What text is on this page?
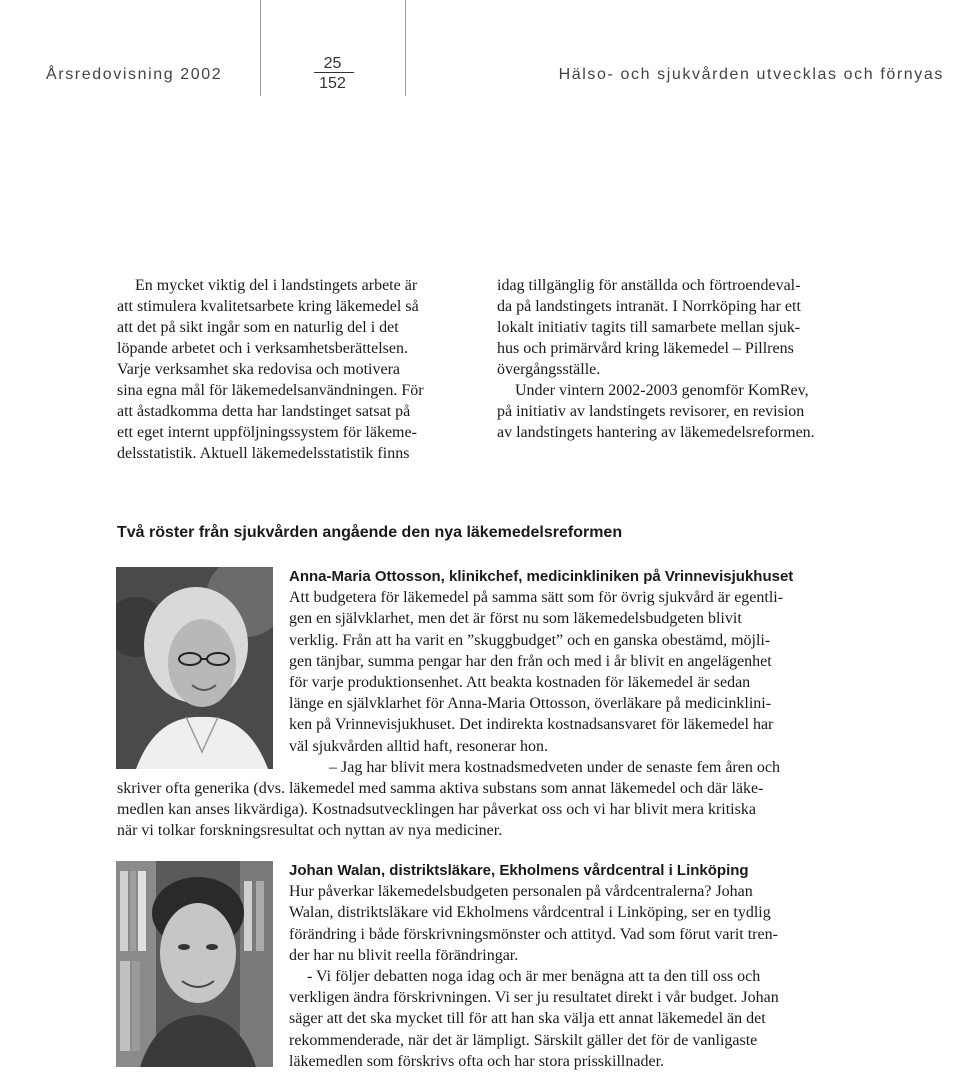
Årsredovisning 2002
25
152
Hälso- och sjukvården utvecklas och förnyas

En mycket viktig del i landstingets arbete är

att stimulera kvalitetsarbete kring läkemedel så

att det på sikt ingår som en naturlig del i det

löpande arbetet och i verksamhetsberättelsen.

Varje verksamhet ska redovisa och motivera

sina egna mål för läkemedelsanvändningen. För

att åstadkomma detta har landstinget satsat på

ett eget internt uppföljningssystem för läkeme-

delsstatistik. Aktuell läkemedelsstatistik finns

idag tillgänglig för anställda och förtroendeval-

da på landstingets intranät. I Norrköping har ett

lokalt initiativ tagits till samarbete mellan sjuk-

hus och primärvård kring läkemedel – Pillrens

övergångsställe.

Under vintern 2002-2003 genomför KomRev,

på initiativ av landstingets revisorer, en revision

av landstingets hantering av läkemedelsreformen.

Två röster från sjukvården angående den nya läkemedelsreformen

Anna-Maria Ottosson, klinikchef, medicinkliniken på Vrinnevisjukhuset

Att budgetera för läkemedel på samma sätt som för övrig sjukvård är egentli-

gen en självklarhet, men det är först nu som läkemedelsbudgeten blivit

verklig. Från att ha varit en ”skuggbudget” och en ganska obestämd, möjli-

gen tänjbar, summa pengar har den från och med i år blivit en angelägenhet

för varje produktionsenhet. Att beakta kostnaden för läkemedel är sedan

länge en självklarhet för Anna-Maria Ottosson, överläkare på medicinklini-

ken på Vrinnevisjukhuset. Det indirekta kostnadsansvaret för läkemedel har

väl sjukvården alltid haft, resonerar hon.

– Jag har blivit mera kostnadsmedveten under de senaste fem åren och

skriver ofta generika (dvs. läkemedel med samma aktiva substans som annat läkemedel och där läke-

medlen kan anses likvärdiga). Kostnadsutvecklingen har påverkat oss och vi har blivit mera kritiska

när vi tolkar forskningsresultat och nyttan av nya mediciner.

Johan Walan, distriktsläkare, Ekholmens vårdcentral i Linköping

Hur påverkar läkemedelsbudgeten personalen på vårdcentralerna? Johan

Walan, distriktsläkare vid Ekholmens vårdcentral i Linköping, ser en tydlig

förändring i både förskrivningsmönster och attityd. Vad som förut varit tren-

der har nu blivit reella förändringar.

- Vi följer debatten noga idag och är mer benägna att ta den till oss och

verkligen ändra förskrivningen. Vi ser ju resultatet direkt i vår budget. Johan

säger att det ska mycket till för att han ska välja ett annat läkemedel än det

rekommenderade, när det är lämpligt. Särskilt gäller det för de vanligaste

läkemedlen som förskrivs ofta och har stora prisskillnader.
